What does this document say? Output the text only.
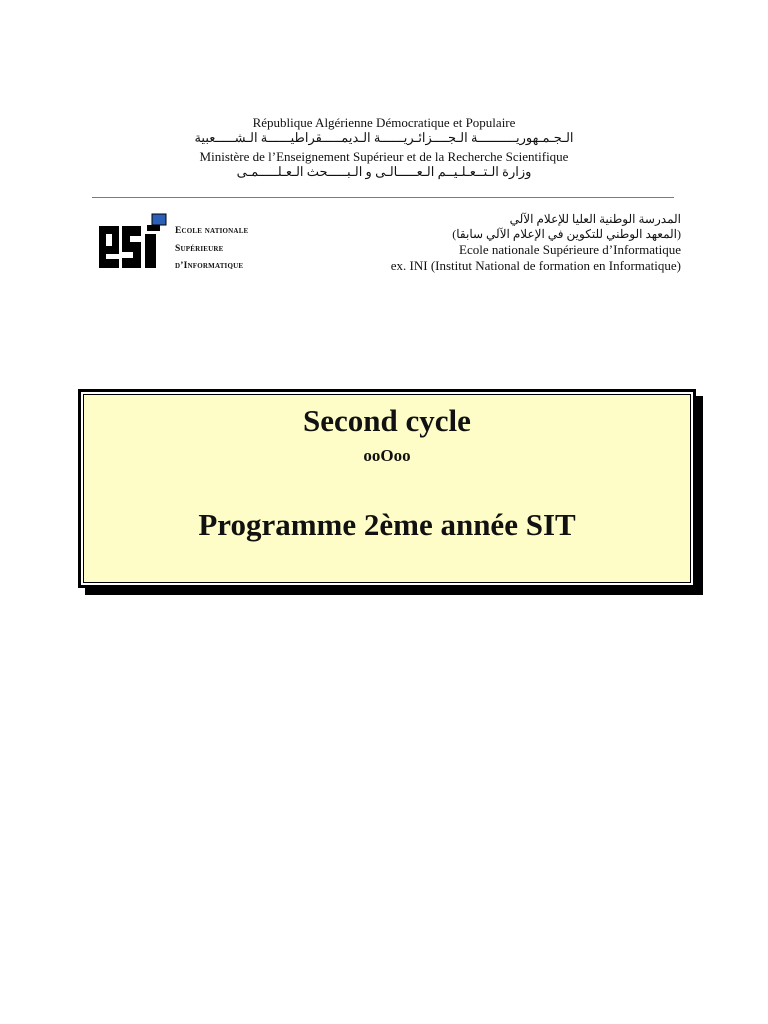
République Algérienne Démocratique et Populaire
الـجـمـهوريــــــــــة الـجــــزائـريــــــة الـديمـــــقراطيــــــة الـشـــــعبية
Ministère de l’Enseignement Supérieur et de la Recherche Scientifique
وزارة الـتــعـلـيــم الـعـــــالـى و الـبـــــحث الـعـلـــــمـى
Ecole nationale
Supérieure
d’Informatique
المدرسة الوطنية العليا للإعلام الآلي
(المعهد الوطني للتكوين في الإعلام الآلي سابقا)
Ecole nationale Supérieure d’Informatique
ex. INI (Institut National de formation en Informatique)
Second cycle
ooOoo
Programme 2ème année SIT
